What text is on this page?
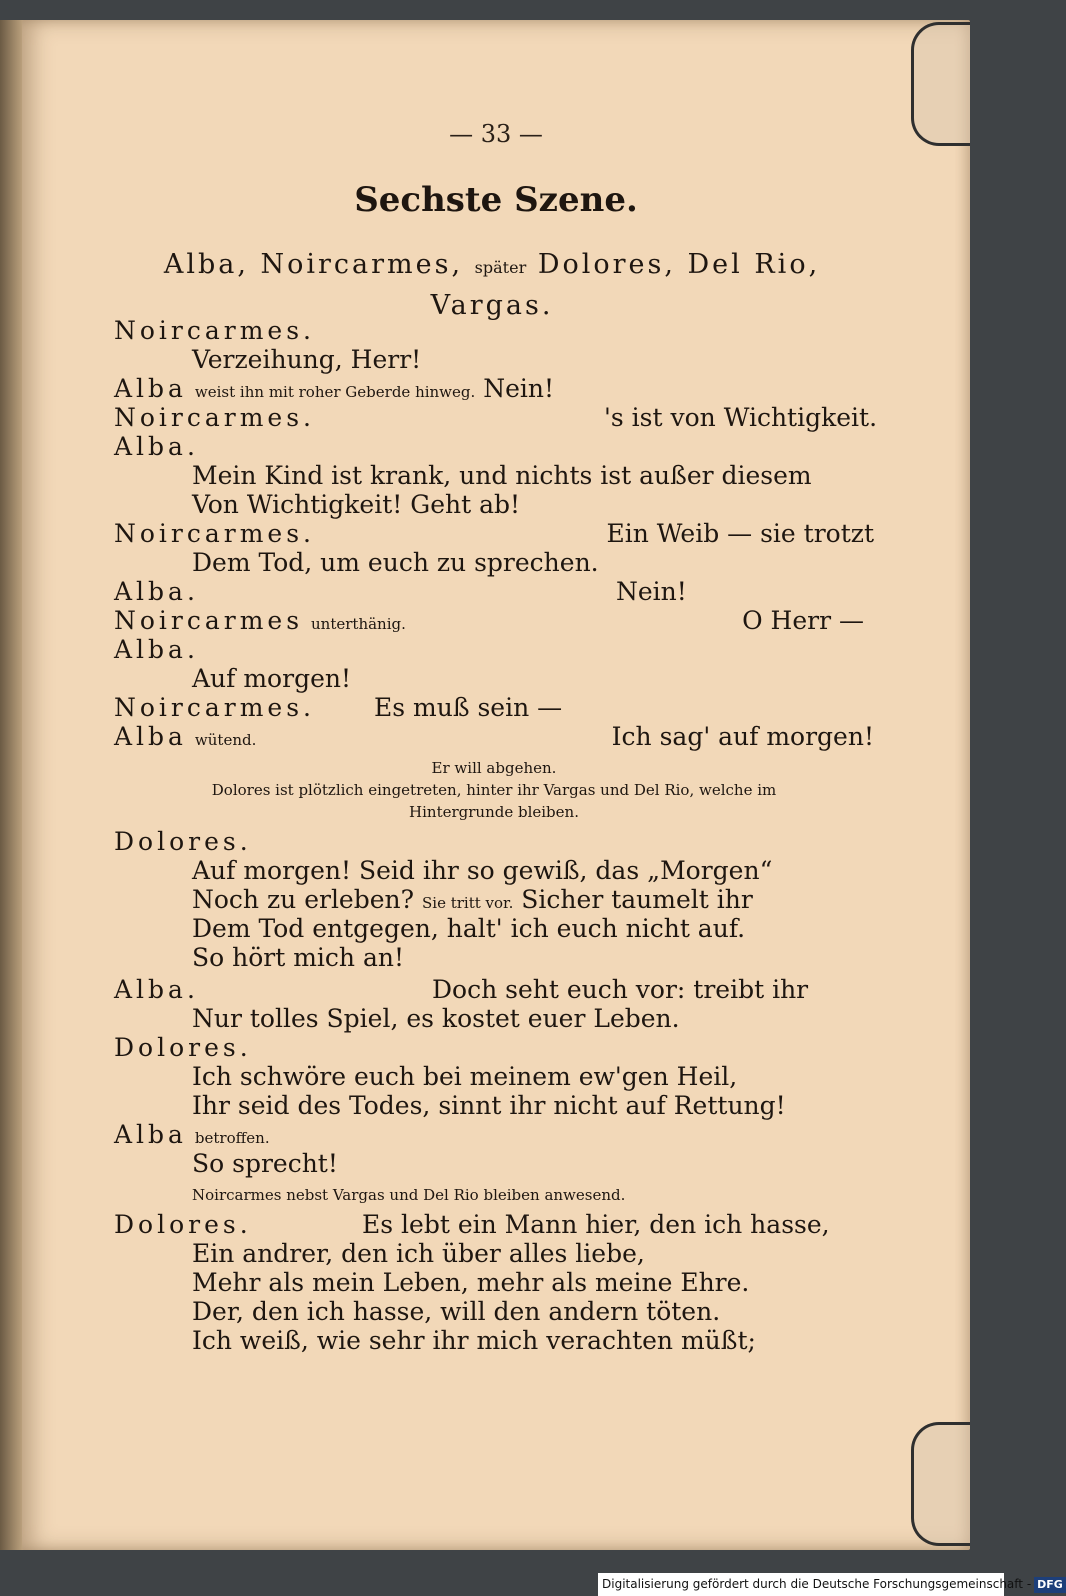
— 33 —
Sechste Szene.
Alba, Noircarmes, später Dolores, Del Rio,
Vargas.
Noircarmes.
Verzeihung, Herr!
Alba weist ihn mit roher Geberde hinweg. Nein!
Noircarmes.	's ist von Wichtigkeit.
Alba.
Mein Kind ist krank, und nichts ist außer diesem
Von Wichtigkeit! Geht ab!
Noircarmes.	Ein Weib — sie trotzt
Dem Tod, um euch zu sprechen.
Alba.	Nein!
Noircarmes unterthänig.	O Herr —
Alba.
Auf morgen!
Noircarmes. Es muß sein —
Alba wütend.	Ich sag' auf morgen!
Er will abgehen.
Dolores ist plötzlich eingetreten, hinter ihr Vargas und Del Rio, welche im
Hintergrunde bleiben.
Dolores.
Auf morgen! Seid ihr so gewiß, das „Morgen“
Noch zu erleben? Sie tritt vor. Sicher taumelt ihr
Dem Tod entgegen, halt' ich euch nicht auf.
So hört mich an!
Alba.	Doch seht euch vor: treibt ihr
Nur tolles Spiel, es kostet euer Leben.
Dolores.
Ich schwöre euch bei meinem ew'gen Heil,
Ihr seid des Todes, sinnt ihr nicht auf Rettung!
Alba betroffen.
So sprecht!
Noircarmes nebst Vargas und Del Rio bleiben anwesend.
Dolores.	Es lebt ein Mann hier, den ich hasse,
Ein andrer, den ich über alles liebe,
Mehr als mein Leben, mehr als meine Ehre.
Der, den ich hasse, will den andern töten.
Ich weiß, wie sehr ihr mich verachten müßt;
Digitalisierung gefördert durch die Deutsche Forschungsgemeinschaft - DFG
